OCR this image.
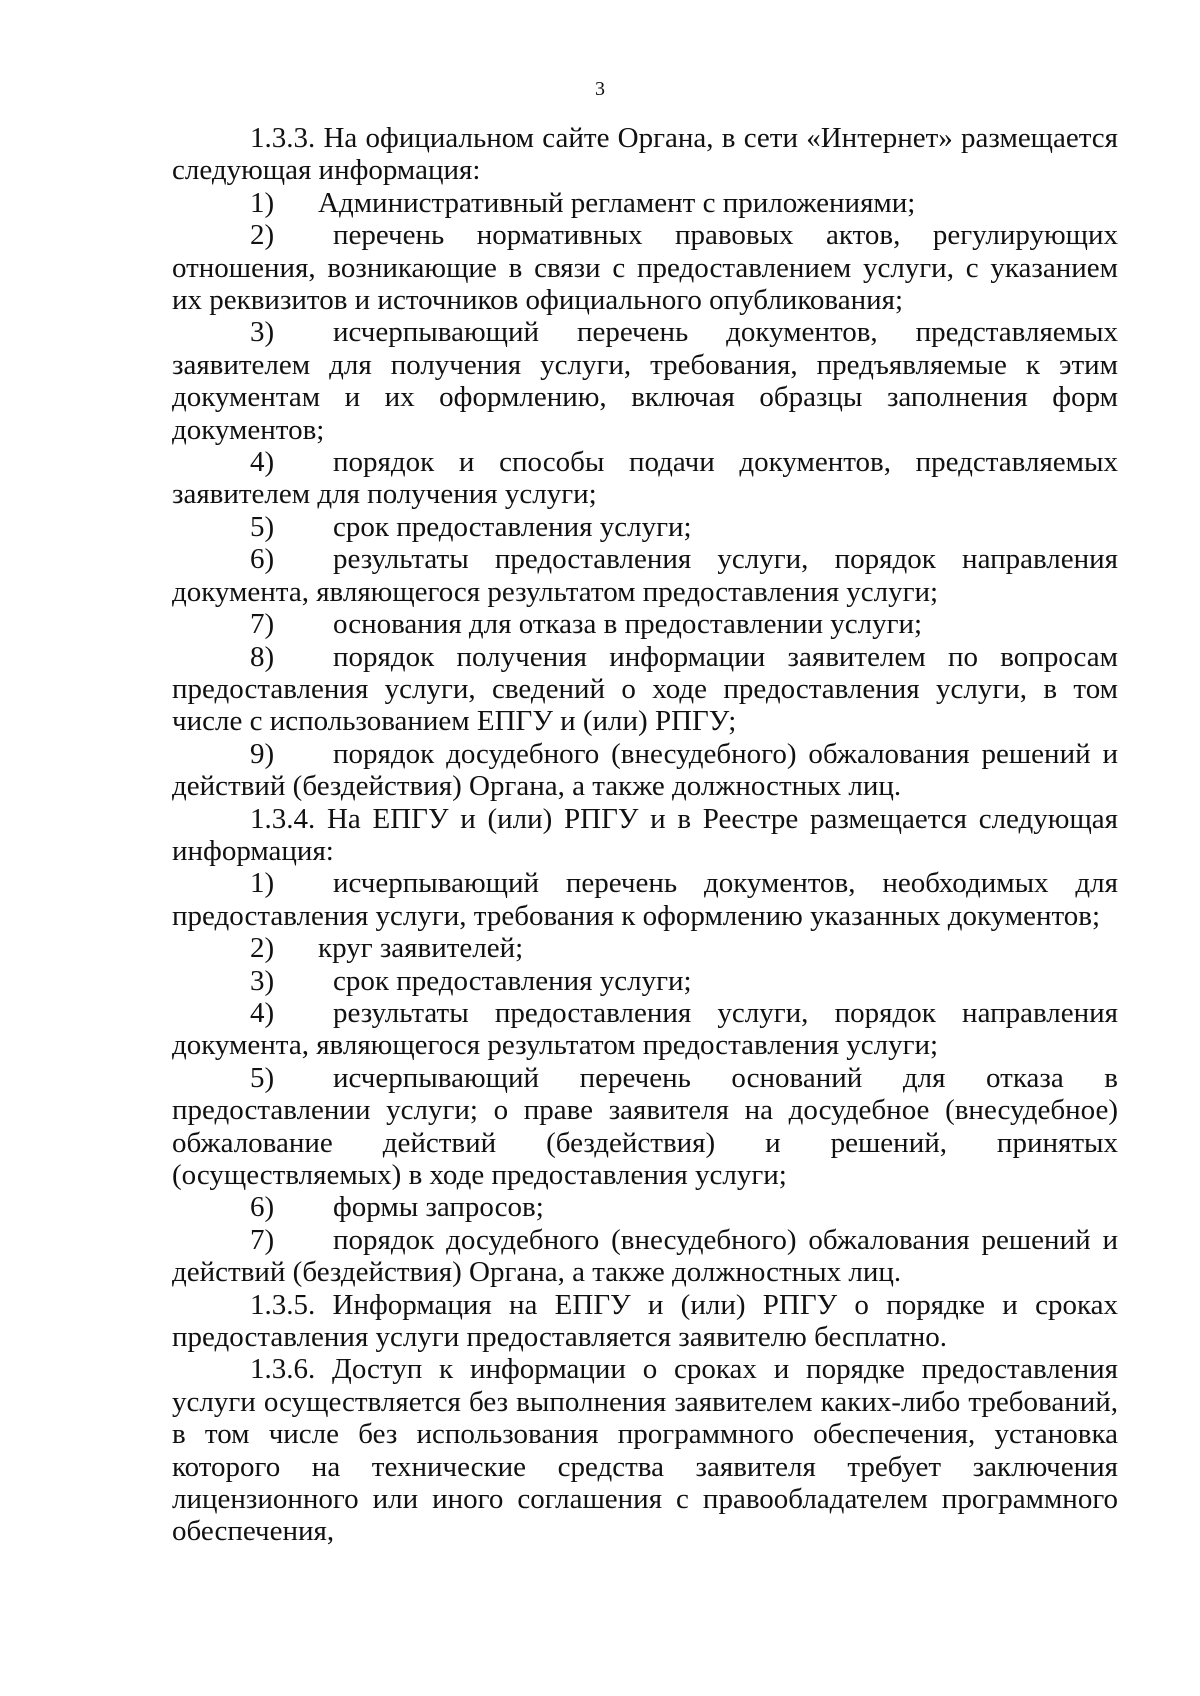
3

1.3.3. На официальном сайте Органа, в сети «Интернет» размещается следующая информация:

1) Административный регламент с приложениями;

2) перечень нормативных правовых актов, регулирующих отношения, возникающие в связи с предоставлением услуги, с указанием их реквизитов и источников официального опубликования;

3) исчерпывающий перечень документов, представляемых заявителем для получения услуги, требования, предъявляемые к этим документам и их оформлению, включая образцы заполнения форм документов;

4) порядок и способы подачи документов, представляемых заявителем для получения услуги;

5) срок предоставления услуги;

6) результаты предоставления услуги, порядок направления документа, являющегося результатом предоставления услуги;

7) основания для отказа в предоставлении услуги;

8) порядок получения информации заявителем по вопросам предоставления услуги, сведений о ходе предоставления услуги, в том числе с использованием ЕПГУ и (или) РПГУ;

9) порядок досудебного (внесудебного) обжалования решений и действий (бездействия) Органа, а также должностных лиц.

1.3.4. На ЕПГУ и (или) РПГУ и в Реестре размещается следующая информация:

1) исчерпывающий перечень документов, необходимых для предоставления услуги, требования к оформлению указанных документов;

2) круг заявителей;

3) срок предоставления услуги;

4) результаты предоставления услуги, порядок направления документа, являющегося результатом предоставления услуги;

5) исчерпывающий перечень оснований для отказа в предоставлении услуги; о праве заявителя на досудебное (внесудебное) обжалование действий (бездействия) и решений, принятых (осуществляемых) в ходе предоставления услуги;

6) формы запросов;

7) порядок досудебного (внесудебного) обжалования решений и действий (бездействия) Органа, а также должностных лиц.

1.3.5. Информация на ЕПГУ и (или) РПГУ о порядке и сроках предоставления услуги предоставляется заявителю бесплатно.

1.3.6. Доступ к информации о сроках и порядке предоставления услуги осуществляется без выполнения заявителем каких-либо требований, в том числе без использования программного обеспечения, установка которого на технические средства заявителя требует заключения лицензионного или иного соглашения с правообладателем программного обеспечения,
